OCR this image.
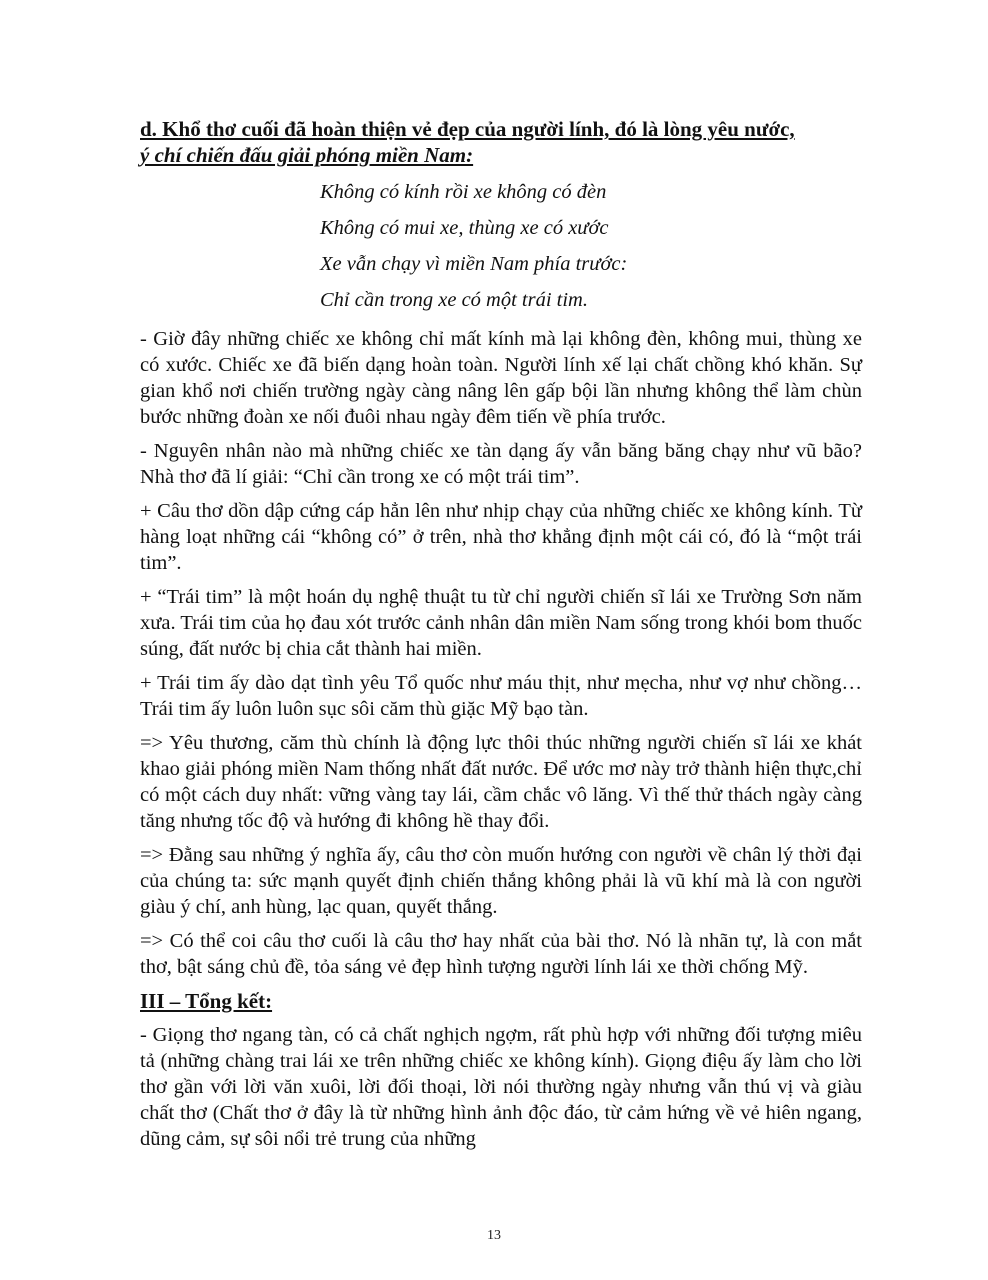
d. Khổ thơ cuối đã hoàn thiện vẻ đẹp của người lính, đó là lòng yêu nước,
ý chí chiến đấu giải phóng miền Nam:

Không có kính rồi xe không có đèn
Không có mui xe, thùng xe có xước
Xe vẫn chạy vì miền Nam phía trước:
Chỉ cần trong xe có một trái tim.

- Giờ đây những chiếc xe không chỉ mất kính mà lại không đèn, không mui, thùng xe có xước. Chiếc xe đã biến dạng hoàn toàn. Người lính xế lại chất chồng khó khăn. Sự gian khổ nơi chiến trường ngày càng nâng lên gấp bội lần nhưng không thể làm chùn bước những đoàn xe nối đuôi nhau ngày đêm tiến về phía trước.

- Nguyên nhân nào mà những chiếc xe tàn dạng ấy vẫn băng băng chạy như vũ bão? Nhà thơ đã lí giải: “Chỉ cần trong xe có một trái tim”.

+ Câu thơ dồn dập cứng cáp hẳn lên như nhịp chạy của những chiếc xe không kính. Từ hàng loạt những cái “không có” ở trên, nhà thơ khẳng định một cái có, đó là “một trái tim”.

+ “Trái tim” là một hoán dụ nghệ thuật tu từ chỉ người chiến sĩ lái xe Trường Sơn năm xưa. Trái tim của họ đau xót trước cảnh nhân dân miền Nam sống trong khói bom thuốc súng, đất nước bị chia cắt thành hai miền.

+ Trái tim ấy dào dạt tình yêu Tổ quốc như máu thịt, như mẹcha, như vợ như chồng… Trái tim ấy luôn luôn sục sôi căm thù giặc Mỹ bạo tàn.

=> Yêu thương, căm thù chính là động lực thôi thúc những người chiến sĩ lái xe khát khao giải phóng miền Nam thống nhất đất nước. Để ước mơ này trở thành hiện thực,chỉ có một cách duy nhất: vững vàng tay lái, cầm chắc vô lăng. Vì thế thử thách ngày càng tăng nhưng tốc độ và hướng đi không hề thay đổi.

=> Đằng sau những ý nghĩa ấy, câu thơ còn muốn hướng con người về chân lý thời đại của chúng ta: sức mạnh quyết định chiến thắng không phải là vũ khí mà là con người giàu ý chí, anh hùng, lạc quan, quyết thắng.

=> Có thể coi câu thơ cuối là câu thơ hay nhất của bài thơ. Nó là nhãn tự, là con mắt thơ, bật sáng chủ đề, tỏa sáng vẻ đẹp hình tượng người lính lái xe thời chống Mỹ.

III – Tổng kết:

- Giọng thơ ngang tàn, có cả chất nghịch ngợm, rất phù hợp với những đối tượng miêu tả (những chàng trai lái xe trên những chiếc xe không kính). Giọng điệu ấy làm cho lời thơ gần với lời văn xuôi, lời đối thoại, lời nói thường ngày nhưng vẫn thú vị và giàu chất thơ (Chất thơ ở đây là từ những hình ảnh độc đáo, từ cảm hứng về vẻ hiên ngang, dũng cảm, sự sôi nổi trẻ trung của những

13
